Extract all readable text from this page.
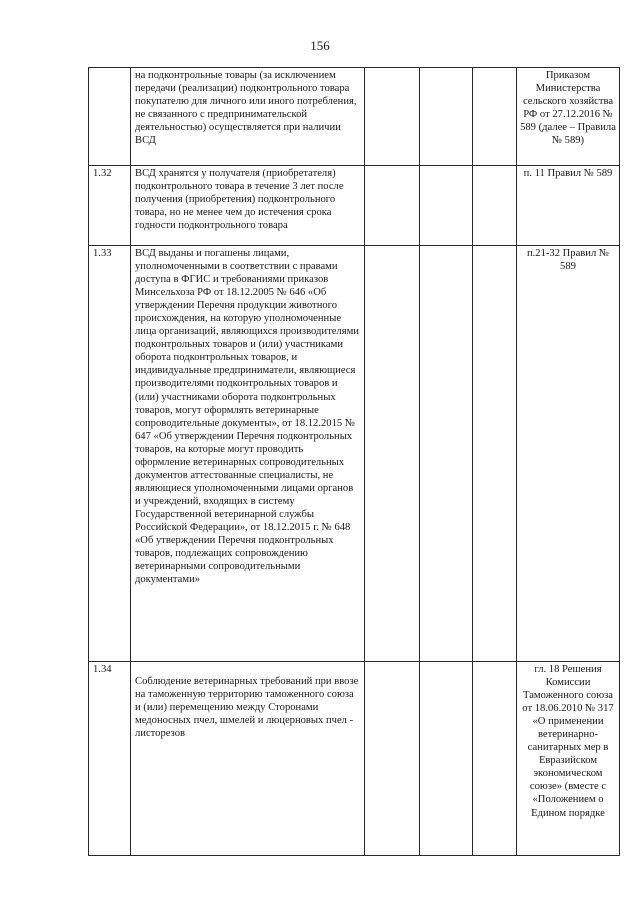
156
	на подконтрольные товары (за исключением передачи (реализации) подконтрольного товара покупателю для личного или иного потребления, не связанного с предпринимательской деятельностью) осуществляется при наличии ВСД				Приказом Министерства сельского хозяйства РФ от 27.12.2016 № 589 (далее – Правила № 589)
1.32	ВСД хранятся у получателя (приобретателя) подконтрольного товара в течение 3 лет после получения (приобретения) подконтрольного товара, но не менее чем до истечения срока годности подконтрольного товара				п. 11 Правил № 589
1.33	ВСД выданы и погашены лицами, уполномоченными в соответствии с правами доступа в ФГИС и требованиями приказов Минсельхоза РФ от 18.12.2005 № 646 «Об утверждении Перечня продукции животного происхождения, на которую уполномоченные лица организаций, являющихся производителями подконтрольных товаров и (или) участниками оборота подконтрольных товаров, и индивидуальные предприниматели, являющиеся производителями подконтрольных товаров и (или) участниками оборота подконтрольных товаров, могут оформлять ветеринарные сопроводительные документы», от 18.12.2015 № 647 «Об утверждении Перечня подконтрольных товаров, на которые могут проводить оформление ветеринарных сопроводительных документов аттестованные специалисты, не являющиеся уполномоченными лицами органов и учреждений, входящих в систему Государственной ветеринарной службы Российской Федерации», от 18.12.2015 г. № 648 «Об утверждении Перечня подконтрольных товаров, подлежащих сопровождению ветеринарными сопроводительными документами»				п.21-32 Правил № 589

1.34	Соблюдение ветеринарных требований при ввозе на таможенную территорию таможенного союза и (или) перемещению между Сторонами медоносных пчел, шмелей и люцерновых пчел - листорезов				гл. 18 Решения Комиссии Таможенного союза от 18.06.2010 № 317 «О применении ветеринарно-санитарных мер в Евразийском экономическом союзе» (вместе с «Положением о Едином порядке
